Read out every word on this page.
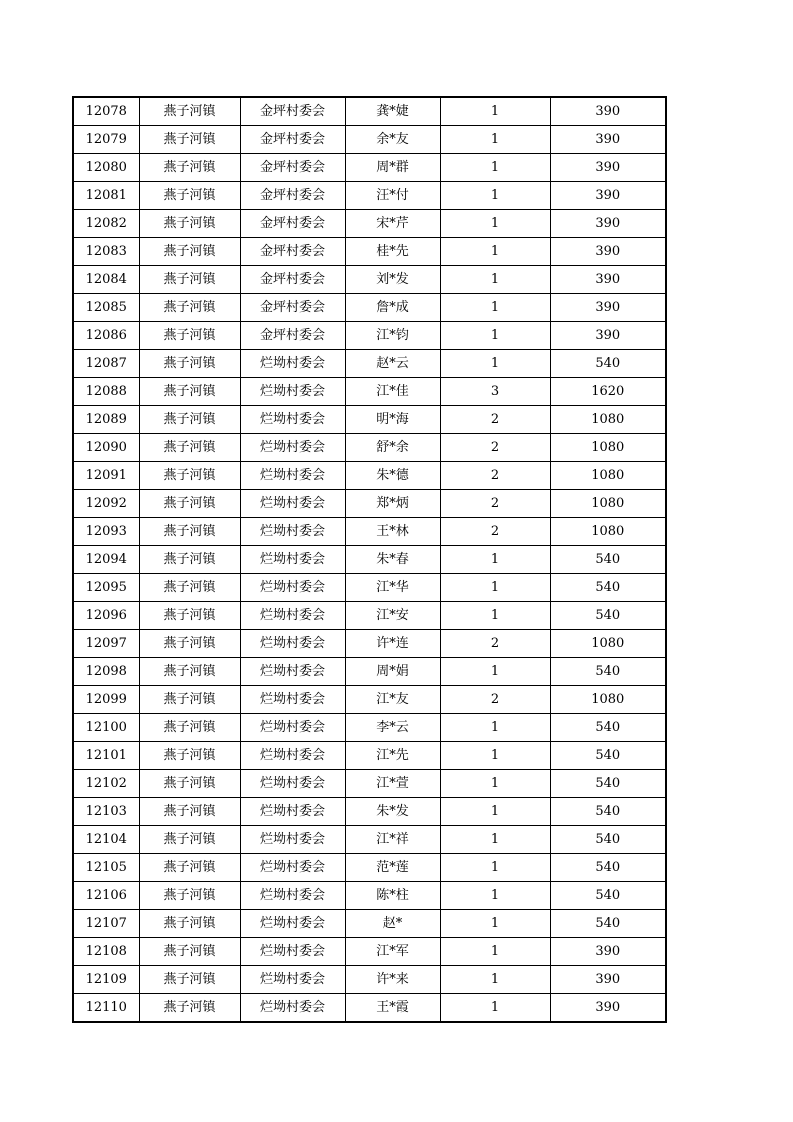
12078	燕子河镇	金坪村委会	龚*婕	1	390
12079	燕子河镇	金坪村委会	余*友	1	390
12080	燕子河镇	金坪村委会	周*群	1	390
12081	燕子河镇	金坪村委会	汪*付	1	390
12082	燕子河镇	金坪村委会	宋*芹	1	390
12083	燕子河镇	金坪村委会	桂*先	1	390
12084	燕子河镇	金坪村委会	刘*发	1	390
12085	燕子河镇	金坪村委会	詹*成	1	390
12086	燕子河镇	金坪村委会	江*钧	1	390
12087	燕子河镇	烂坳村委会	赵*云	1	540
12088	燕子河镇	烂坳村委会	江*佳	3	1620
12089	燕子河镇	烂坳村委会	明*海	2	1080
12090	燕子河镇	烂坳村委会	舒*余	2	1080
12091	燕子河镇	烂坳村委会	朱*德	2	1080
12092	燕子河镇	烂坳村委会	郑*炳	2	1080
12093	燕子河镇	烂坳村委会	王*林	2	1080
12094	燕子河镇	烂坳村委会	朱*春	1	540
12095	燕子河镇	烂坳村委会	江*华	1	540
12096	燕子河镇	烂坳村委会	江*安	1	540
12097	燕子河镇	烂坳村委会	许*连	2	1080
12098	燕子河镇	烂坳村委会	周*娟	1	540
12099	燕子河镇	烂坳村委会	江*友	2	1080
12100	燕子河镇	烂坳村委会	李*云	1	540
12101	燕子河镇	烂坳村委会	江*先	1	540
12102	燕子河镇	烂坳村委会	江*萱	1	540
12103	燕子河镇	烂坳村委会	朱*发	1	540
12104	燕子河镇	烂坳村委会	江*祥	1	540
12105	燕子河镇	烂坳村委会	范*莲	1	540
12106	燕子河镇	烂坳村委会	陈*柱	1	540
12107	燕子河镇	烂坳村委会	赵*	1	540
12108	燕子河镇	烂坳村委会	江*军	1	390
12109	燕子河镇	烂坳村委会	许*来	1	390
12110	燕子河镇	烂坳村委会	王*霞	1	390
